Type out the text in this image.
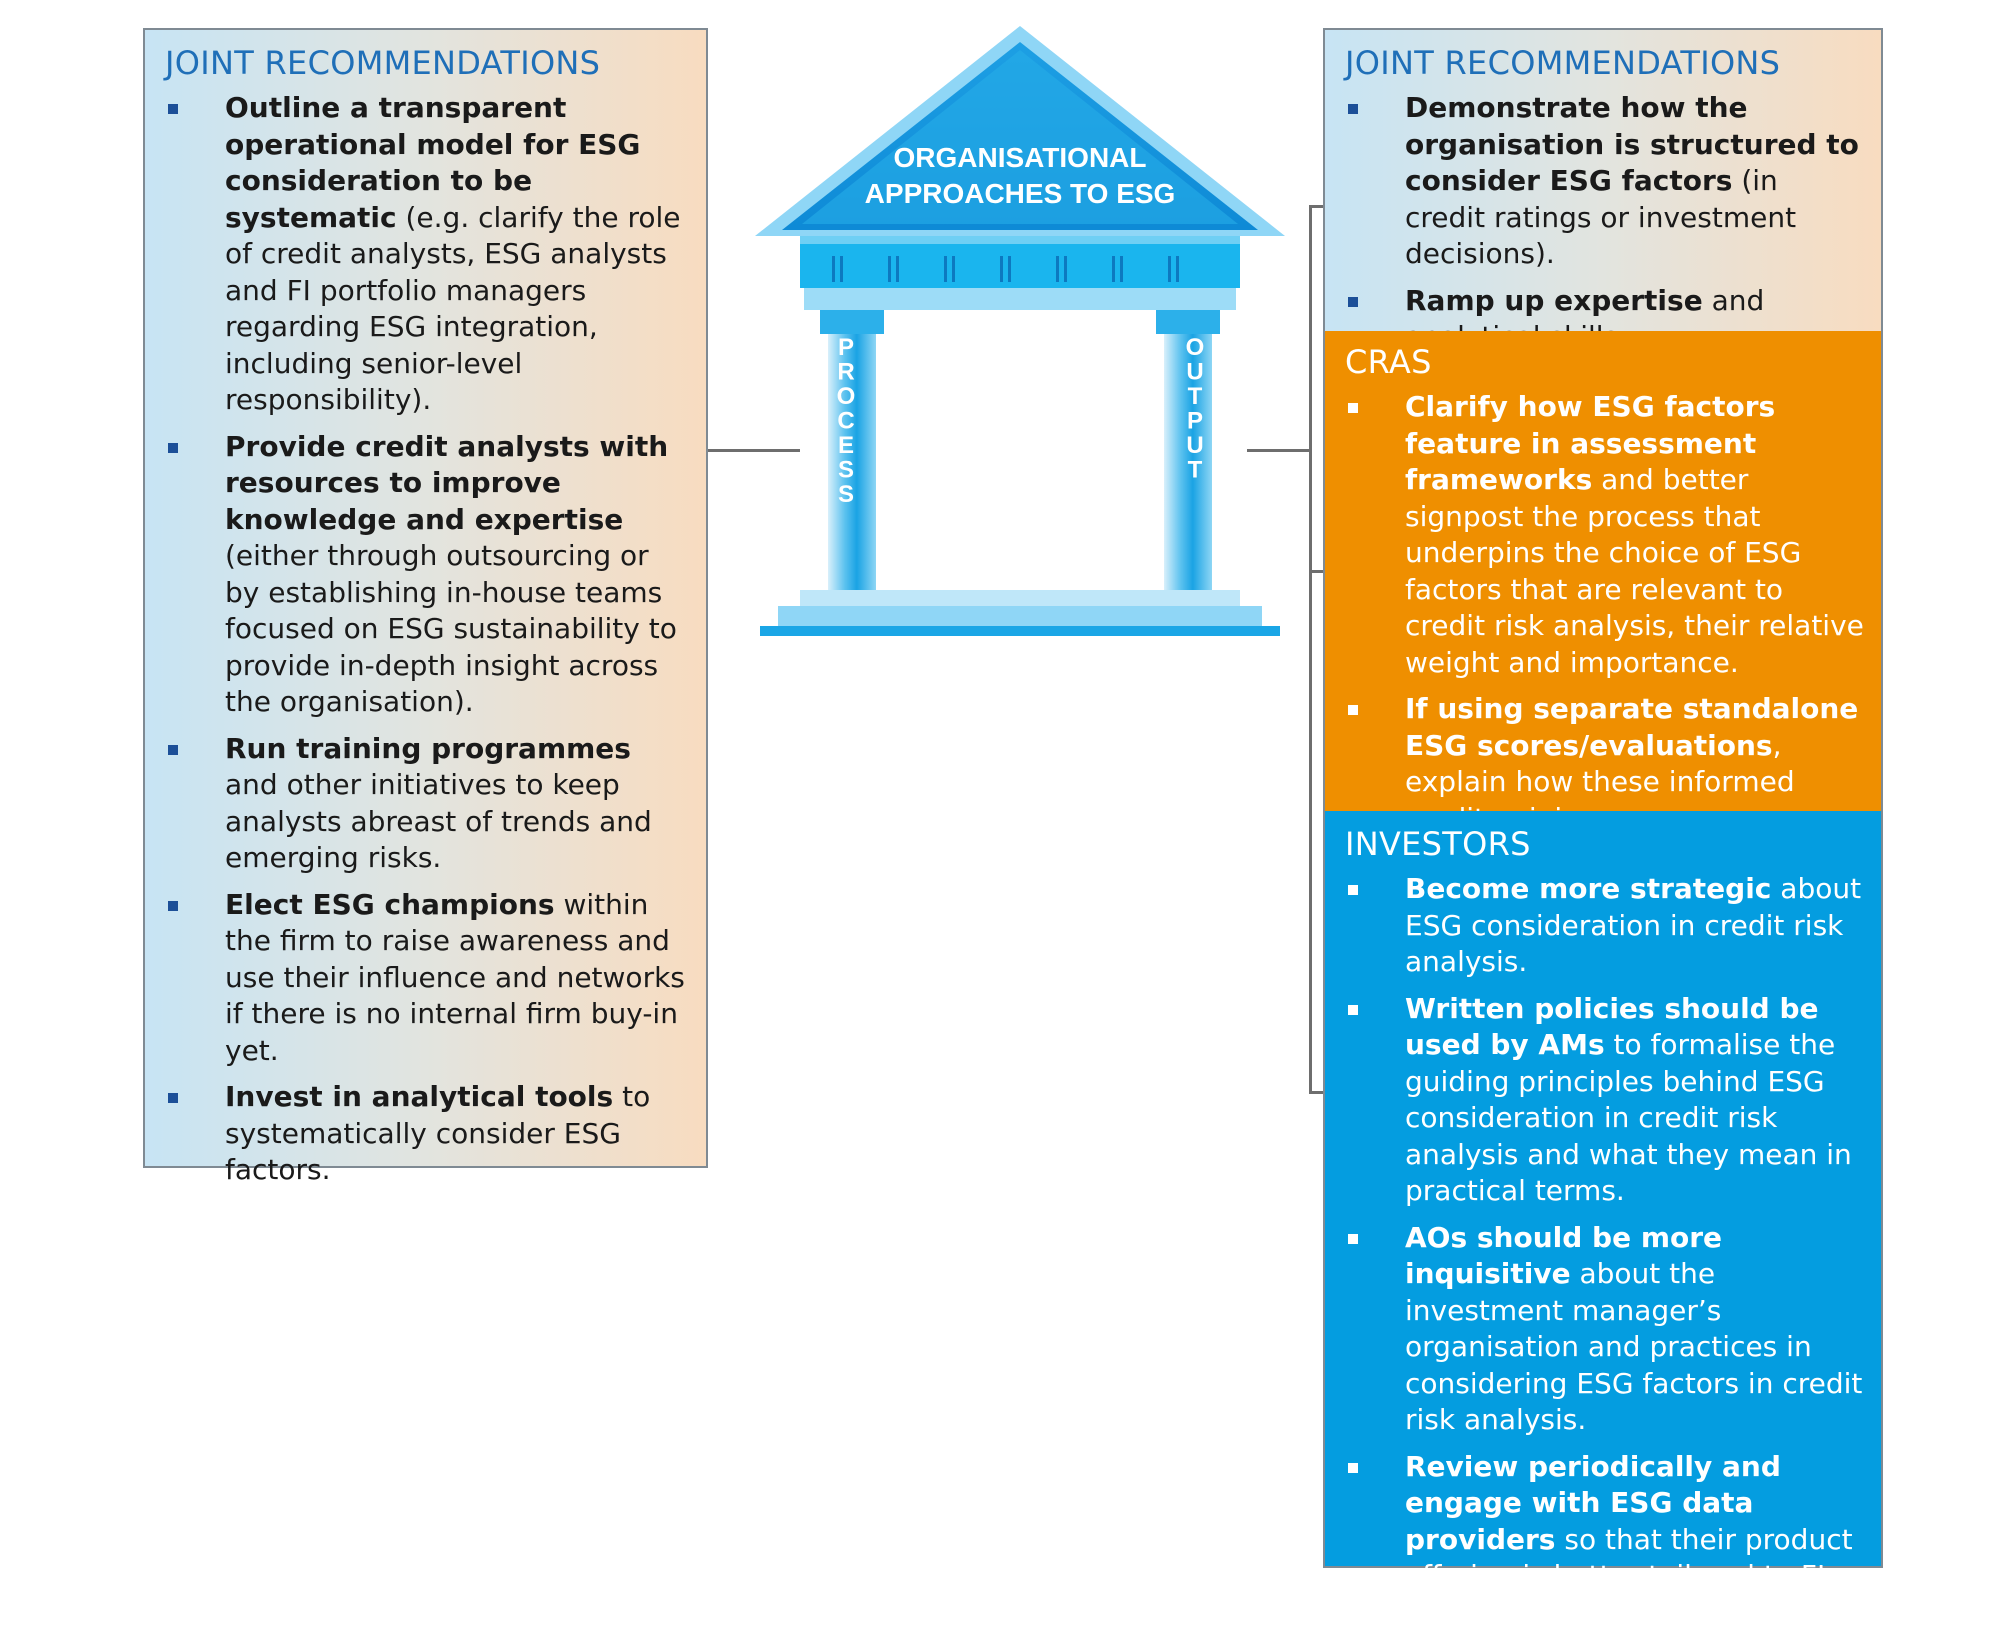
ORGANISATIONAL
APPROACHES TO ESG
P
R
O
C
E
S
S
O
U
T
P
U
T
JOINT RECOMMENDATIONS
Outline a transparent operational model for ESG consideration to be systematic (e.g. clarify the role of credit analysts, ESG analysts and FI portfolio managers regarding ESG integration, including senior-level responsibility).
Provide credit analysts with resources to improve knowledge and expertise (either through outsourcing or by establishing in-house teams focused on ESG sustainability to provide in-depth insight across the organisation).
Run training programmes and other initiatives to keep analysts abreast of trends and emerging risks.
Elect ESG champions within the firm to raise awareness and use their influence and networks if there is no internal firm buy-in yet.
Invest in analytical tools to systematically consider ESG factors.
JOINT RECOMMENDATIONS
Demonstrate how the organisation is structured to consider ESG factors (in credit ratings or investment decisions).
Ramp up expertise and
CRAS
Clarify how ESG factors feature in assessment frameworks and better signpost the process that underpins the choice of ESG factors that are relevant to credit risk analysis, their relative weight and importance.
If using separate standalone ESG scores/evaluations, explain how these informed
INVESTORS
Become more strategic about ESG consideration in credit risk analysis.
Written policies should be used by AMs to formalise the guiding principles behind ESG consideration in credit risk analysis and what they mean in practical terms.
AOs should be more inquisitive about the investment manager’s organisation and practices in considering ESG factors in credit risk analysis.
Review periodically and engage with ESG data providers so that their product offering is better tailored to FI investors.
